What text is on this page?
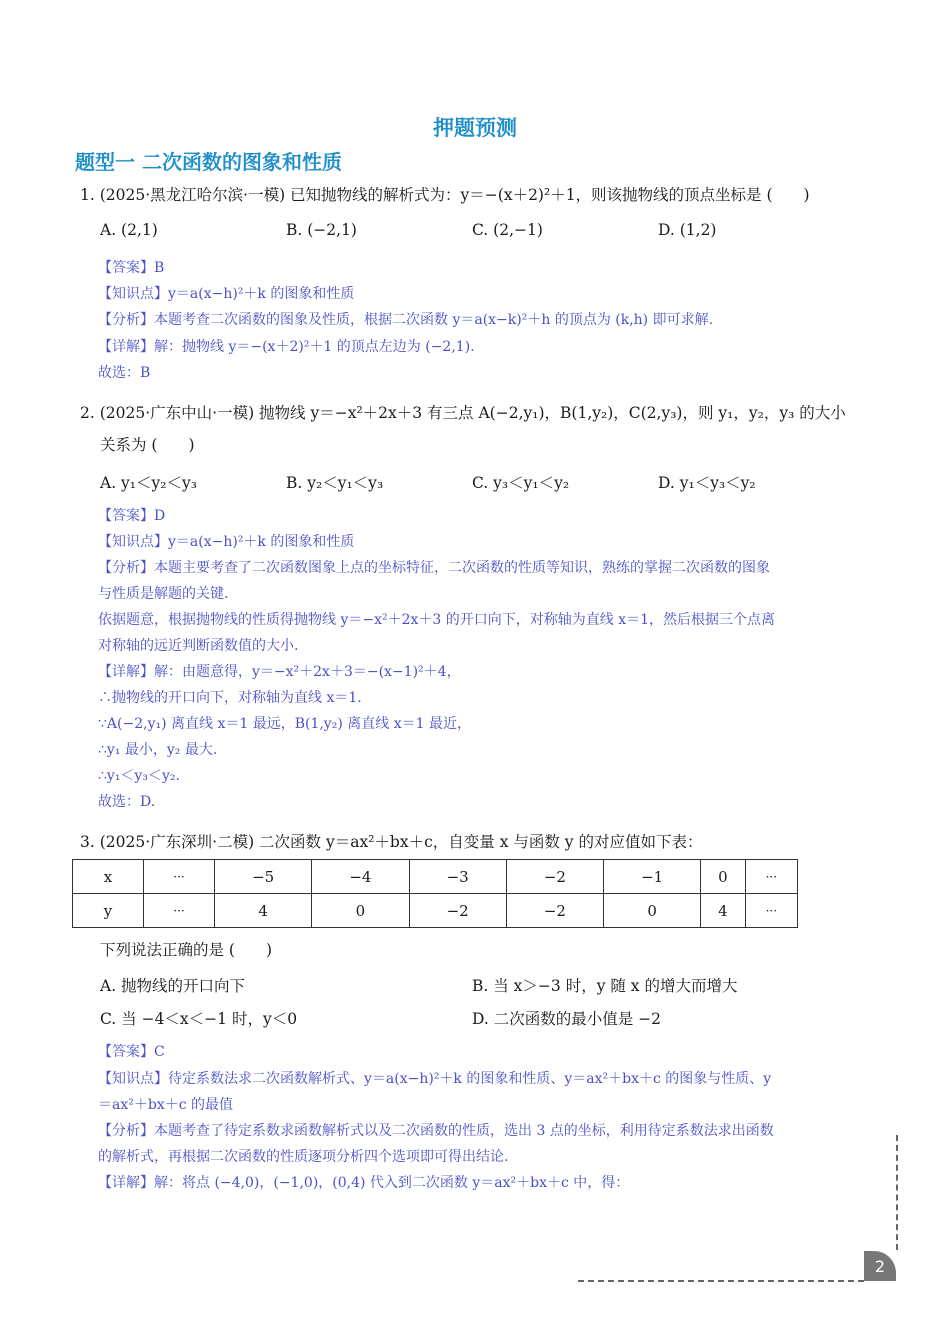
押题预测
题型一 二次函数的图象和性质
1. (2025·黑龙江哈尔滨·一模) 已知抛物线的解析式为：y＝−(x＋2)²＋1，则该抛物线的顶点坐标是 (　　)
A. (2,1)	B. (−2,1)	C. (2,−1)	D. (1,2)
【答案】B
【知识点】y＝a(x−h)²＋k 的图象和性质
【分析】本题考查二次函数的图象及性质，根据二次函数 y＝a(x−k)²＋h 的顶点为 (k,h) 即可求解.
【详解】解：抛物线 y＝−(x＋2)²＋1 的顶点左边为 (−2,1).
故选：B
2. (2025·广东中山·一模) 抛物线 y＝−x²＋2x＋3 有三点 A(−2,y₁)，B(1,y₂)，C(2,y₃)，则 y₁，y₂，y₃ 的大小
关系为 (　　)
A. y₁＜y₂＜y₃	B. y₂＜y₁＜y₃	C. y₃＜y₁＜y₂	D. y₁＜y₃＜y₂
【答案】D
【知识点】y＝a(x−h)²＋k 的图象和性质
【分析】本题主要考查了二次函数图象上点的坐标特征，二次函数的性质等知识，熟练的掌握二次函数的图象
与性质是解题的关键.
依据题意，根据抛物线的性质得抛物线 y＝−x²＋2x＋3 的开口向下，对称轴为直线 x＝1，然后根据三个点离
对称轴的远近判断函数值的大小.
【详解】解：由题意得，y＝−x²＋2x＋3＝−(x−1)²＋4，
∴抛物线的开口向下，对称轴为直线 x＝1.
∵A(−2,y₁) 离直线 x＝1 最远，B(1,y₂) 离直线 x＝1 最近，
∴y₁ 最小，y₂ 最大.
∴y₁＜y₃＜y₂.
故选：D.
3. (2025·广东深圳·二模) 二次函数 y＝ax²＋bx＋c，自变量 x 与函数 y 的对应值如下表：
x	···	−5	−4	−3	−2	−1	0	···
y	···	4	0	−2	−2	0	4	···
下列说法正确的是 (　　)
A. 抛物线的开口向下	B. 当 x＞−3 时，y 随 x 的增大而增大
C. 当 −4＜x＜−1 时，y＜0	D. 二次函数的最小值是 −2
【答案】C
【知识点】待定系数法求二次函数解析式、y＝a(x−h)²＋k 的图象和性质、y＝ax²＋bx＋c 的图象与性质、y
＝ax²＋bx＋c 的最值
【分析】本题考查了待定系数求函数解析式以及二次函数的性质，选出 3 点的坐标，利用待定系数法求出函数
的解析式，再根据二次函数的性质逐项分析四个选项即可得出结论.
【详解】解：将点 (−4,0)，(−1,0)，(0,4) 代入到二次函数 y＝ax²＋bx＋c 中，得：
2
